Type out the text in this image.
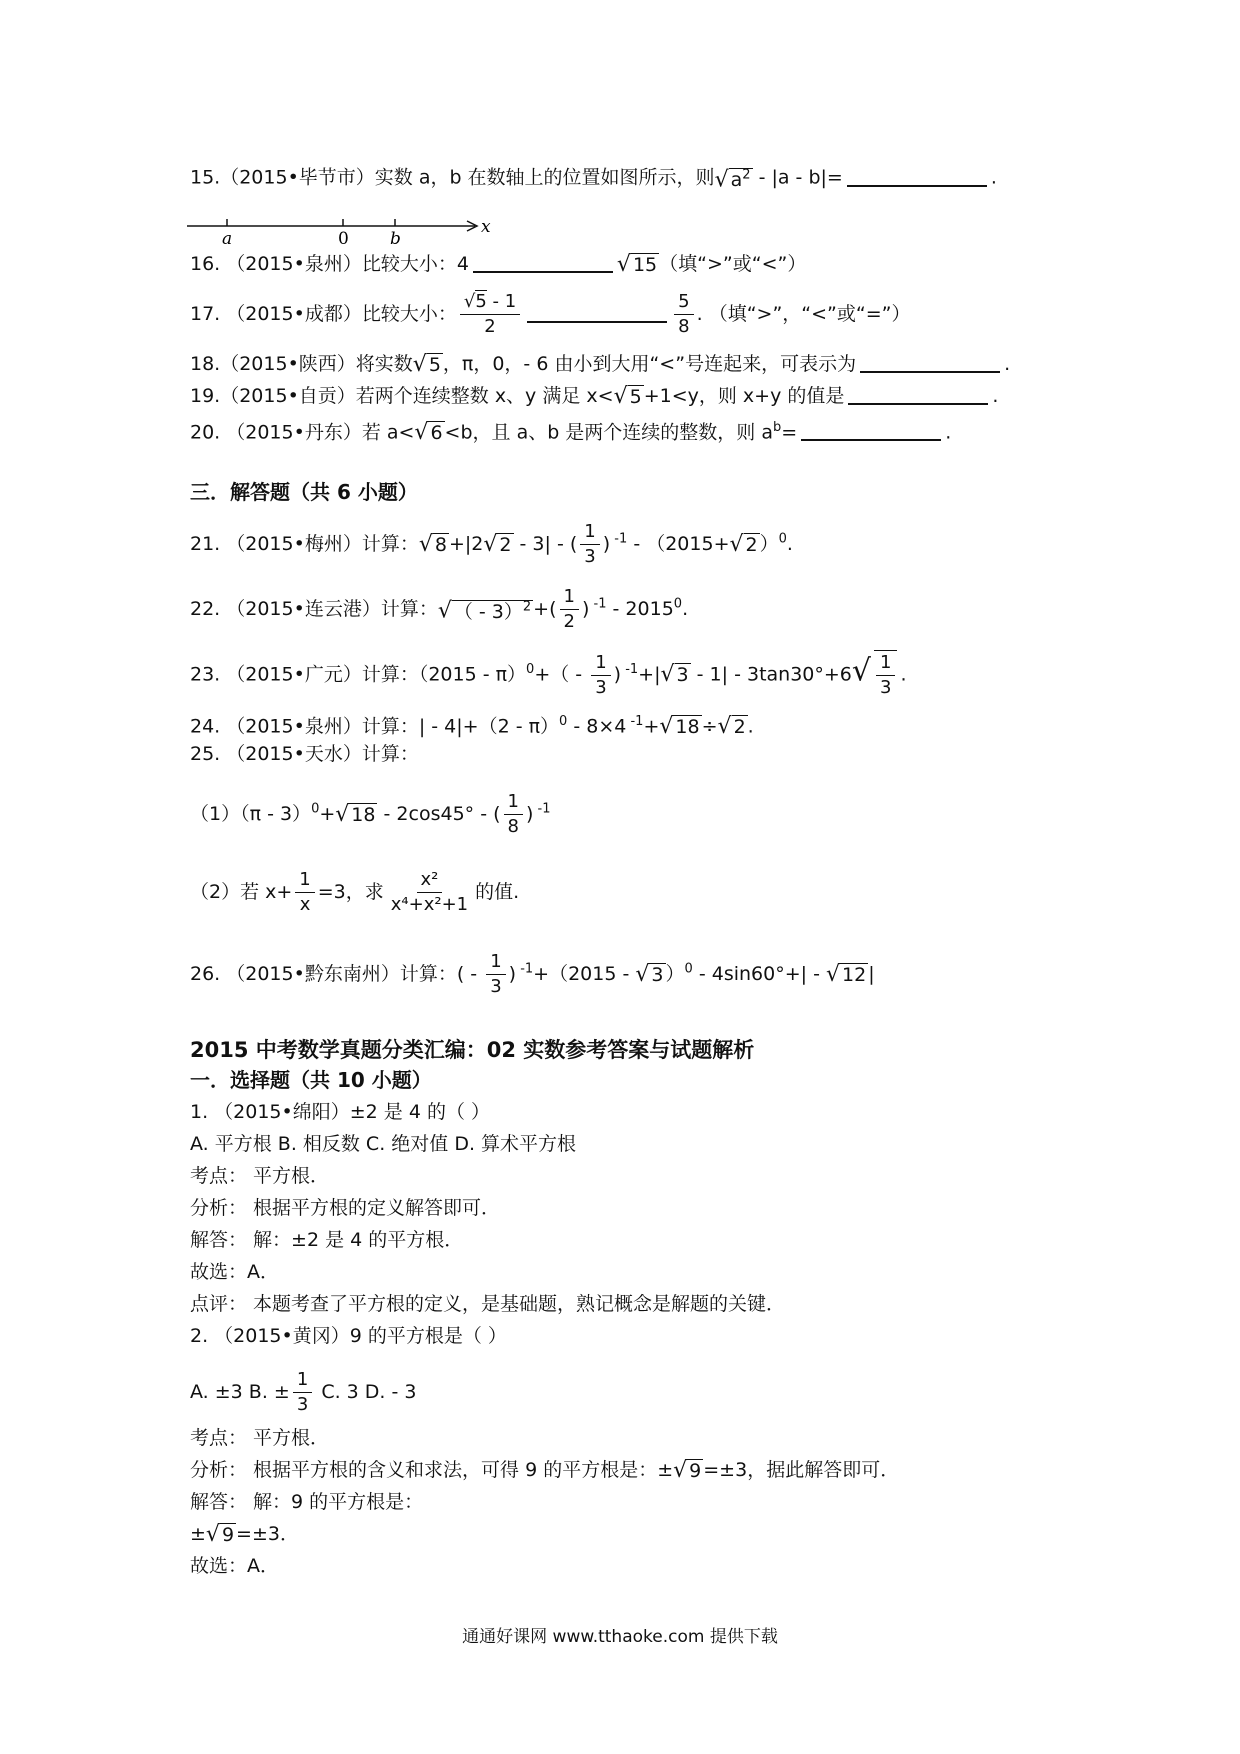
15.（2015•毕节市）实数 a，b 在数轴上的位置如图所示，则√ $a^2 - |a - b|=$	.
a	0 b
x
16. （2015•泉州）比较大小：4	√ 15 （填“>”或“<”）
17. （2015•成都）比较大小： $\frac{√5 - 1}{2}$	$\frac{5}{8}$ . （填“>”，“<”或“=”）
18.（2015•陕西）将实数√ 5 ，π，0，- 6 由小到大用“<”号连起来，可表示为	.
19.（2015•自贡）若两个连续整数 x、y 满足 x<√ 5 +1<y，则 x+y 的值是	.
20. （2015•丹东）若 a<√ 6 <b，且 a、b 是两个连续的整数，则 $a^b=$	.
三．解答题（共 6 小题）
21. （2015•梅州）计算：√ 8 +|2√ 2 - 3| - ( $\frac{1}{3}$ ) $^{-1}$ - （2015+√ 2 ）$^0$.
22. （2015•连云港）计算：√ （ - 3）$^2$ +( $\frac{1}{2}$ ) $^{-1}$ - 2015$^0$.
23. （2015•广元）计算：$(2015 - \pi)^0+( - \frac{1}{3}$ ) $^{-1}$+|√ $3 - 1| - 3\tan 30^\circ+6√ \frac{1}{3}$ .
24. （2015•泉州）计算：| - 4|+（2 - π）$^0$ - 8×4 $^{-1}$+√ 18 ÷√ 2 .
25. （2015•天水）计算：
（1）（π - 3）$^0$+√ 18 - 2cos45° - ( $\frac{1}{8}$ ) $^{-1}$
（2）若 $x+ \frac{1}{x} =3$，求 $\frac{\text{x²}}{\text{x⁴+x²+1}}$ 的值.
26. （2015•黔东南州）计算：( - $\frac{1}{3}$ ) $^{-1}$+（2015 - √ 3 ）$^0$ - 4sin60°+| - √ 12 |
2015 中考数学真题分类汇编：02 实数参考答案与试题解析
一．选择题（共 10 小题）
1. （2015•绵阳）±2 是 4 的（ ）
A. 平方根 B. 相反数 C. 绝对值 D. 算术平方根
考点： 平方根．
分析： 根据平方根的定义解答即可．
解答： 解：±2 是 4 的平方根．
故选：A．
点评： 本题考查了平方根的定义，是基础题，熟记概念是解题的关键．
2. （2015•黄冈）9 的平方根是（ ）
A. ±3 B. ± $\frac{1}{3} C$. 3 D. - 3
考点： 平方根．
分析： 根据平方根的含义和求法，可得 9 的平方根是：±√ 9 =±3，据此解答即可．
解答： 解：9 的平方根是：
±√ 9 =±3．
故选：A．
通通好课网 www.tthaoke.com 提供下载
